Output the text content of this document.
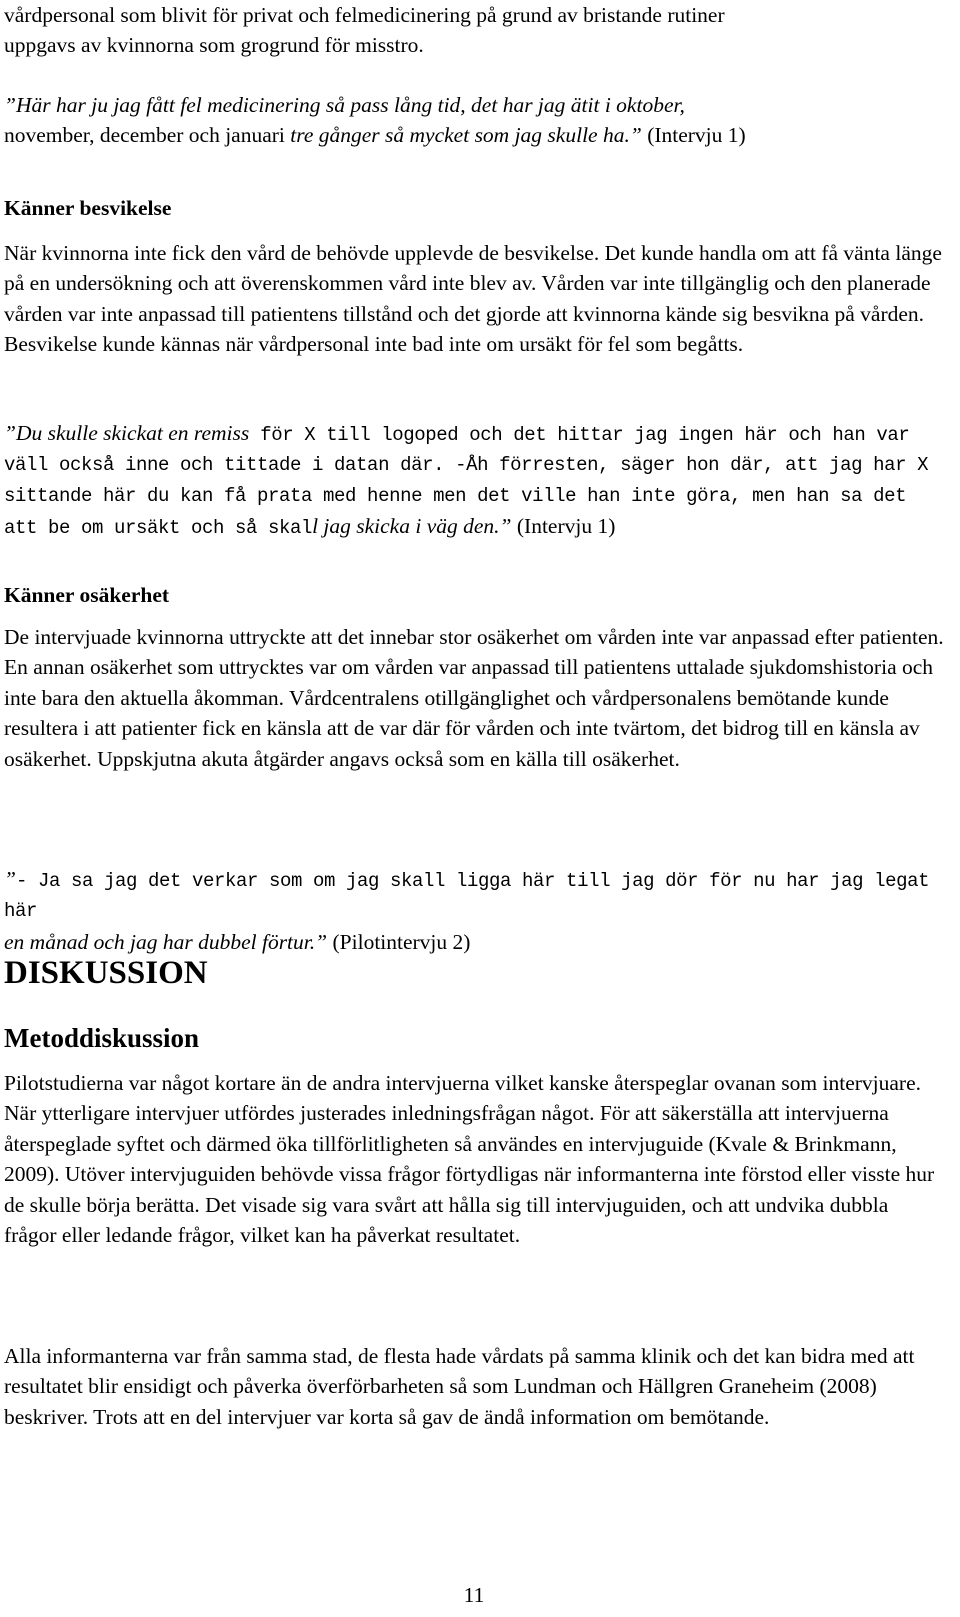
vårdpersonal som blivit för privat och felmedicinering på grund av bristande rutiner

uppgavs av kvinnorna som grogrund för misstro.

”Här har ju jag fått fel medicinering så pass lång tid, det har jag ätit i oktober,

november, december och januari tre gånger så mycket som jag skulle ha.” (Intervju 1)

Känner besvikelse

När kvinnorna inte fick den vård de behövde upplevde de besvikelse. Det kunde handla om att få vänta länge på en undersökning och att överenskommen vård inte blev av. Vården var inte tillgänglig och den planerade vården var inte anpassad till patientens tillstånd och det gjorde att kvinnorna kände sig besvikna på vården. Besvikelse kunde kännas när vårdpersonal inte bad inte om ursäkt för fel som begåtts.

”Du skulle skickat en remiss för X till logoped och det hittar jag ingen här och han var väll också inne och tittade i datan där. -Åh förresten, säger hon där, att jag har X sittande här du kan få prata med henne men det ville han inte göra, men han sa det att be om ursäkt och så skall jag skicka i väg den.” (Intervju 1)

Känner osäkerhet

De intervjuade kvinnorna uttryckte att det innebar stor osäkerhet om vården inte var anpassad efter patienten. En annan osäkerhet som uttrycktes var om vården var anpassad till patientens uttalade sjukdomshistoria och inte bara den aktuella åkomman. Vårdcentralens otillgänglighet och vårdpersonalens bemötande kunde resultera i att patienter fick en känsla att de var där för vården och inte tvärtom, det bidrog till en känsla av osäkerhet. Uppskjutna akuta åtgärder angavs också som en källa till osäkerhet.

”- Ja sa jag det verkar som om jag skall ligga här till jag dör för nu har jag legat här

en månad och jag har dubbel förtur.” (Pilotintervju 2)

DISKUSSION
Metoddiskussion

Pilotstudierna var något kortare än de andra intervjuerna vilket kanske återspeglar ovanan som intervjuare. När ytterligare intervjuer utfördes justerades inledningsfrågan något. För att säkerställa att intervjuerna återspeglade syftet och därmed öka tillförlitligheten så användes en intervjuguide (Kvale & Brinkmann, 2009). Utöver intervjuguiden behövde vissa frågor förtydligas när informanterna inte förstod eller visste hur de skulle börja berätta. Det visade sig vara svårt att hålla sig till intervjuguiden, och att undvika dubbla frågor eller ledande frågor, vilket kan ha påverkat resultatet.

Alla informanterna var från samma stad, de flesta hade vårdats på samma klinik och det kan bidra med att resultatet blir ensidigt och påverka överförbarheten så som Lundman och Hällgren Graneheim (2008) beskriver. Trots att en del intervjuer var korta så gav de ändå information om bemötande.

11
